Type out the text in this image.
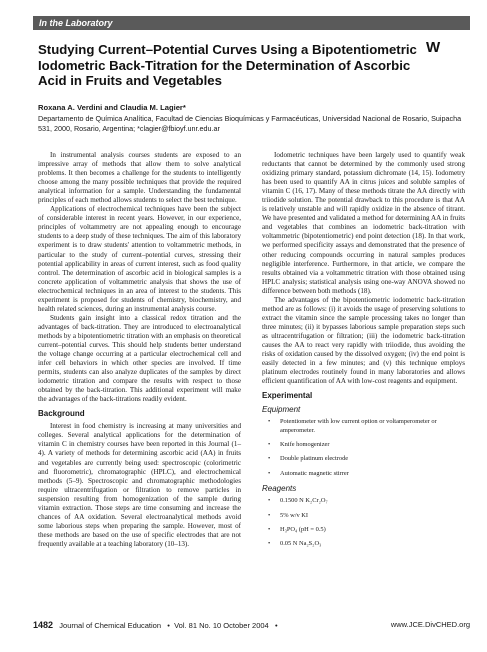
In the Laboratory
Studying Current–Potential Curves Using a Bipotentiometric Iodometric Back-Titration for the Determination of Ascorbic Acid in Fruits and Vegetables
W
Roxana A. Verdini and Claudia M. Lagier*
Departamento de Química Analítica, Facultad de Ciencias Bioquímicas y Farmacéuticas, Universidad Nacional de Rosario, Suipacha 531, 2000, Rosario, Argentina; *clagier@fbioyf.unr.edu.ar

In instrumental analysis courses students are exposed to an impressive array of methods that allow them to solve analytical problems. It then becomes a challenge for the students to intelligently choose among the many possible techniques that provide the required analytical information for a sample. Understanding the fundamental principles of each method allows students to select the best technique.

Applications of electrochemical techniques have been the subject of considerable interest in recent years. However, in our experience, principles of voltammetry are not appealing enough to encourage students to a deep study of these techniques. The aim of this laboratory experiment is to draw students' attention to voltammetric methods, in particular to the study of current–potential curves, stressing their potential applicability in areas of current interest, such as food quality control. The determination of ascorbic acid in biological samples is a concrete application of voltammetric analysis that shows the use of electrochemical techniques in an area of interest to the students. This experiment is proposed for students of chemistry, biochemistry, and health related sciences, during an instrumental analysis course.

Students gain insight into a classical redox titration and the advantages of back-titration. They are introduced to electroanalytical methods by a bipotentiometric titration with an emphasis on theoretical current–potential curves. This should help students better understand the voltage change occurring at a particular electrochemical cell and infer cell behaviors in which other species are involved. If time permits, students can also analyze duplicates of the samples by direct iodometric titration and compare the results with respect to those obtained by the back-titration. This additional experiment will make the advantages of the back-titrations readily evident.

Background

Interest in food chemistry is increasing at many universities and colleges. Several analytical applications for the determination of vitamin C in chemistry courses have been reported in this Journal (1–4). A variety of methods for determining ascorbic acid (AA) in fruits and vegetables are currently being used: spectroscopic (colorimetric and fluorometric), chromatographic (HPLC), and electrochemical methods (5–9). Spectroscopic and chromatographic methodologies require ultracentrifugation or filtration to remove particles in suspension resulting from homogenization of the sample during vitamin extraction. Those steps are time consuming and increase the chances of AA oxidation. Several electroanalytical methods avoid some laborious steps when preparing the sample. However, most of these methods are based on the use of specific electrodes that are not frequently available at a teaching laboratory (10–13).

Iodometric techniques have been largely used to quantify weak reductants that cannot be determined by the commonly used strong oxidizing primary standard, potassium dichromate (14, 15). Iodometry has been used to quantify AA in citrus juices and soluble samples of vitamin C (16, 17). Many of these methods titrate the AA directly with triiodide solution. The potential drawback to this procedure is that AA is relatively unstable and will rapidly oxidize in the absence of titrant. We have presented and validated a method for determining AA in fruits and vegetables that combines an iodometric back-titration with voltammetric (bipotentiometric) end point detection (18). In that work, we performed specificity assays and demonstrated that the presence of other reducing compounds occurring in natural samples produces negligible interference. Furthermore, in that article, we compare the results obtained via a voltammetric titration with those obtained using HPLC analysis; statistical analysis using one-way ANOVA showed no difference between both methods (18).

The advantages of the bipotentiometric iodometric back-titration method are as follows: (i) it avoids the usage of preserving solutions to extract the vitamin since the sample processing takes no longer than three minutes; (ii) it bypasses laborious sample preparation steps such as ultracentrifugation or filtration; (iii) the iodometric back-titration causes the AA to react very rapidly with triiodide, thus avoiding the risks of oxidation caused by the dissolved oxygen; (iv) the end point is easily detected in a few minutes; and (v) this technique employs platinum electrodes routinely found in many laboratories and allows efficient quantification of AA with low-cost reagents and equipment.

Experimental
Equipment
• Potentiometer with low current option or voltamperometer or amperometer.
• Knife homogenizer
• Double platinum electrode
• Automatic magnetic stirrer
Reagents
• 0.1500 N K₂Cr₂O₇
• 5% w/v KI
• H₃PO₄ (pH = 0.5)
• 0.05 N Na₂S₂O₃
1482 Journal of Chemical Education   •  Vol. 81 No. 10 October 2004   •	www.JCE.DivCHED.org
